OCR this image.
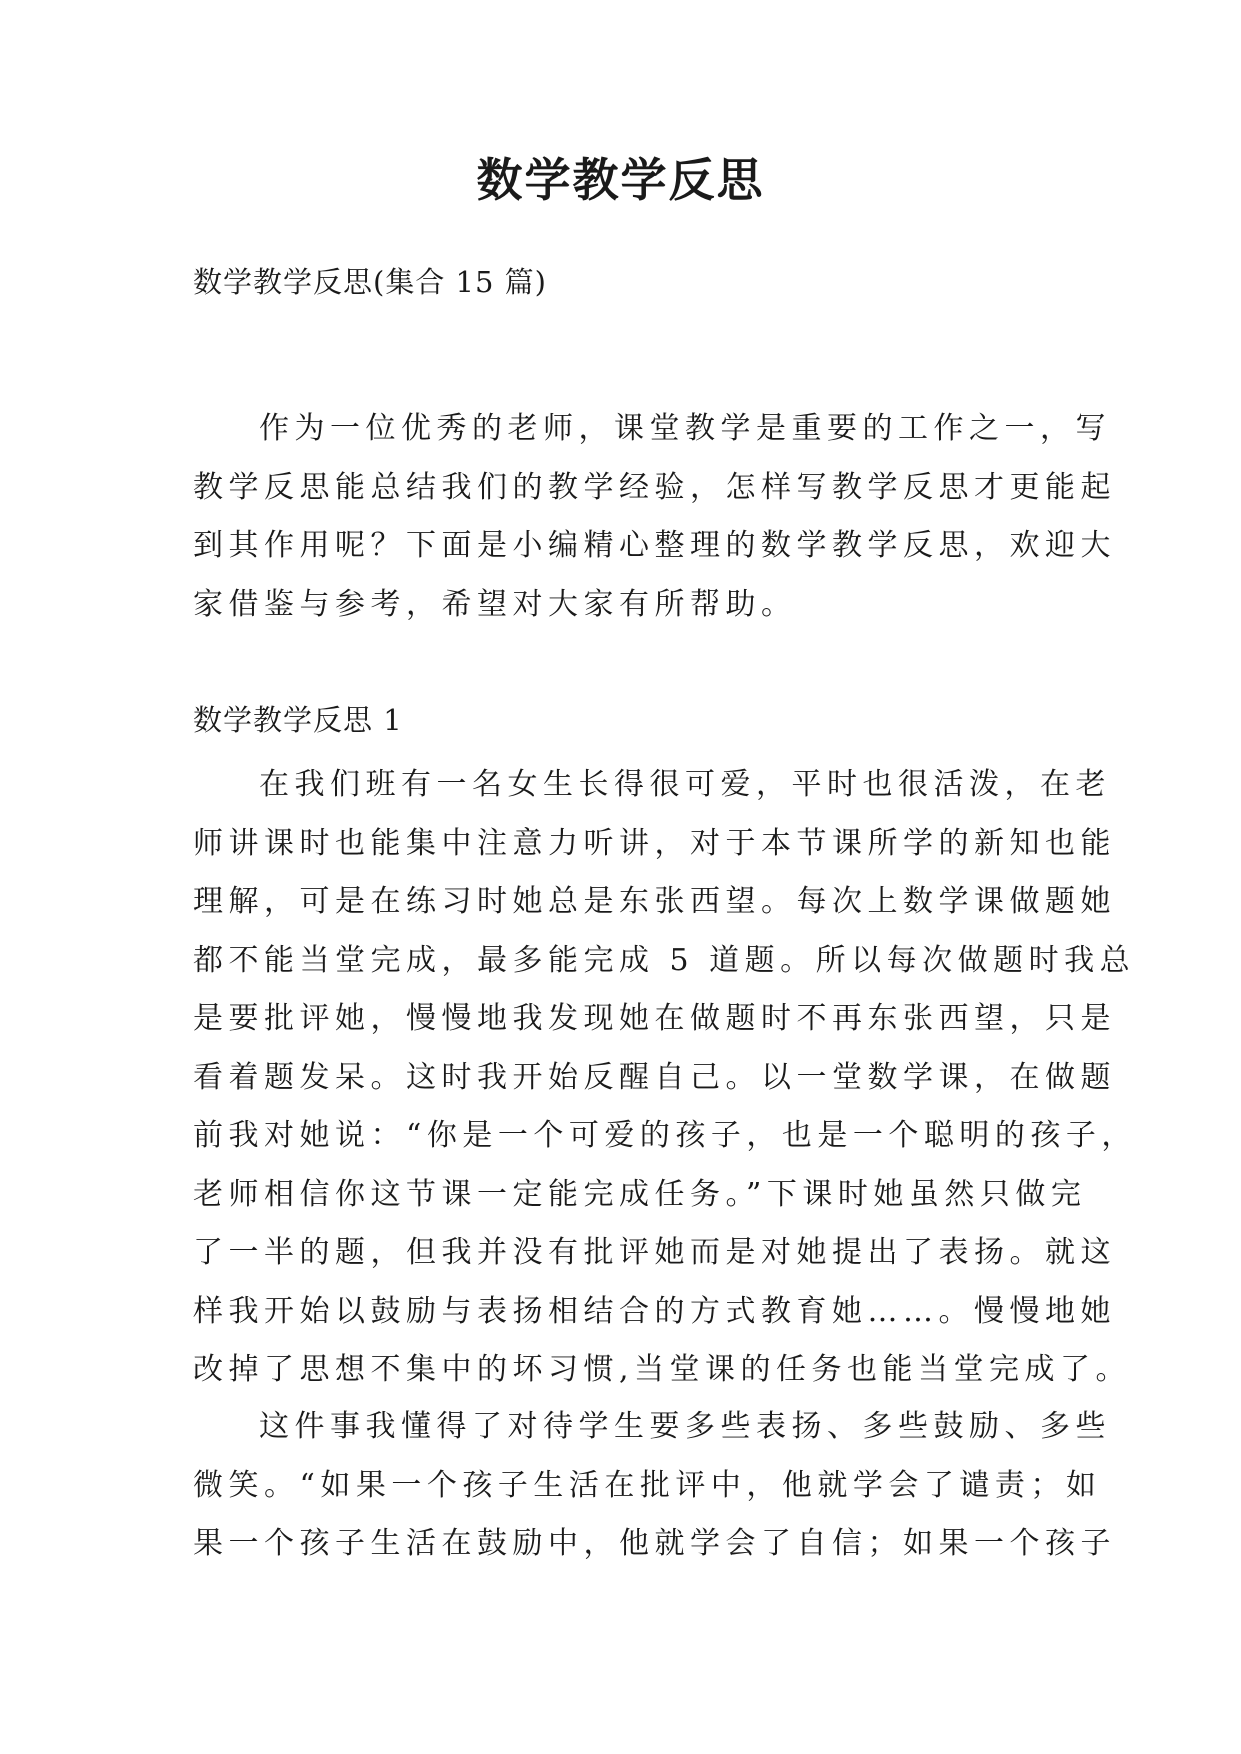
数学教学反思
数学教学反思(集合 15 篇)
作为一位优秀的老师，课堂教学是重要的工作之一，写
教学反思能总结我们的教学经验，怎样写教学反思才更能起
到其作用呢？下面是小编精心整理的数学教学反思，欢迎大
家借鉴与参考，希望对大家有所帮助。
数学教学反思 1
在我们班有一名女生长得很可爱，平时也很活泼，在老
师讲课时也能集中注意力听讲，对于本节课所学的新知也能
理解，可是在练习时她总是东张西望。每次上数学课做题她
都不能当堂完成，最多能完成 5 道题。所以每次做题时我总
是要批评她，慢慢地我发现她在做题时不再东张西望，只是
看着题发呆。这时我开始反醒自己。以一堂数学课，在做题
前我对她说：“你是一个可爱的孩子，也是一个聪明的孩子，
老师相信你这节课一定能完成任务。”下课时她虽然只做完
了一半的题，但我并没有批评她而是对她提出了表扬。就这
样我开始以鼓励与表扬相结合的方式教育她……。慢慢地她
改掉了思想不集中的坏习惯,当堂课的任务也能当堂完成了。
这件事我懂得了对待学生要多些表扬、多些鼓励、多些
微笑。“如果一个孩子生活在批评中，他就学会了谴责；如
果一个孩子生活在鼓励中，他就学会了自信；如果一个孩子
